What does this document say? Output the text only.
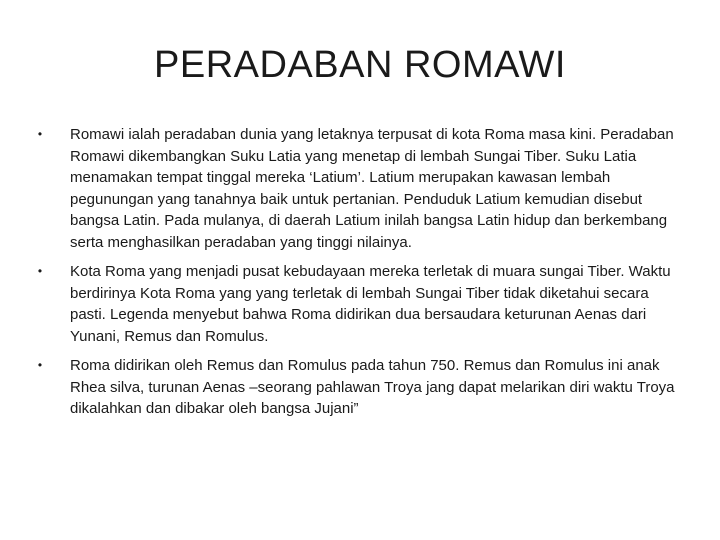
PERADABAN ROMAWI
• Romawi ialah peradaban dunia yang letaknya terpusat di kota Roma masa kini. Peradaban Romawi dikembangkan Suku Latia yang menetap di lembah Sungai Tiber. Suku Latia menamakan tempat tinggal mereka ‘Latium’. Latium merupakan kawasan lembah pegunungan yang tanahnya baik untuk pertanian. Penduduk Latium kemudian disebut bangsa Latin. Pada mulanya, di daerah Latium inilah bangsa Latin hidup dan berkembang serta menghasilkan peradaban yang tinggi nilainya.
• Kota Roma yang menjadi pusat kebudayaan mereka terletak di muara sungai Tiber. Waktu berdirinya Kota Roma yang yang terletak di lembah Sungai Tiber tidak diketahui secara pasti. Legenda menyebut bahwa Roma didirikan dua bersaudara keturunan Aenas dari Yunani, Remus dan Romulus.
• Roma didirikan oleh Remus dan Romulus pada tahun 750. Remus dan Romulus ini anak Rhea silva, turunan Aenas –seorang pahlawan Troya jang dapat melarikan diri waktu Troya dikalahkan dan dibakar oleh bangsa Jujani”
